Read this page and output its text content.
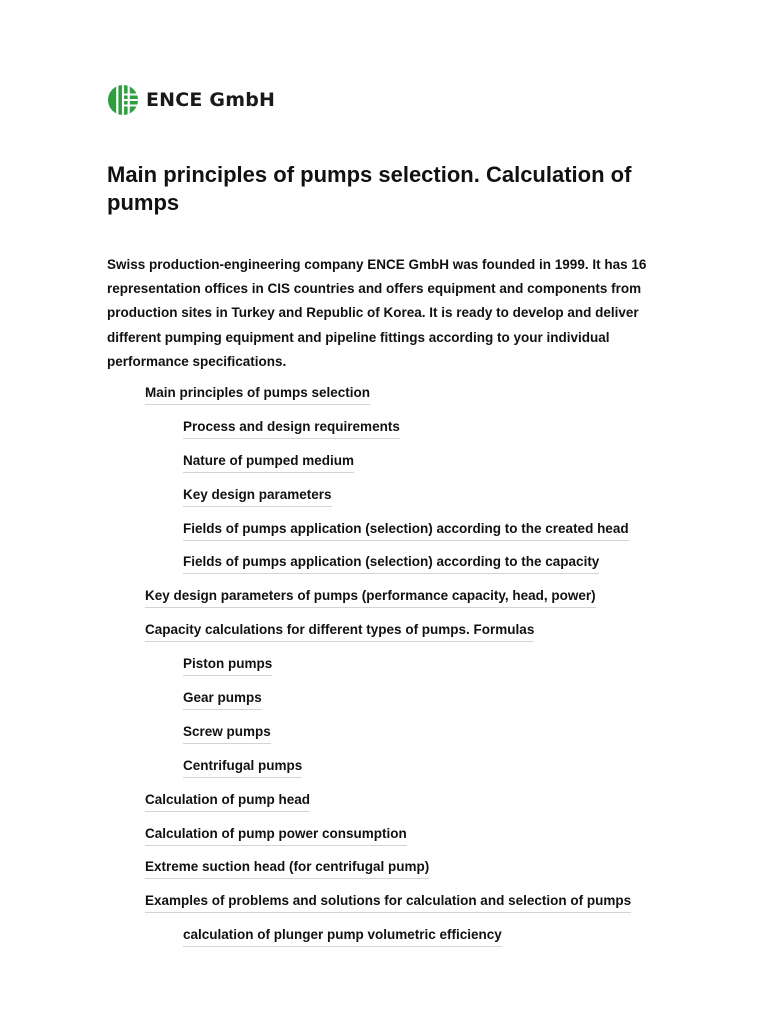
ENCE GmbH
Main principles of pumps selection. Calculation of pumps

Swiss production-engineering company ENCE GmbH was founded in 1999. It has 16 representation offices in CIS countries and offers equipment and components from production sites in Turkey and Republic of Korea. It is ready to develop and deliver different pumping equipment and pipeline fittings according to your individual performance specifications.

Main principles of pumps selection
Process and design requirements
Nature of pumped medium
Key design parameters
Fields of pumps application (selection) according to the created head
Fields of pumps application (selection) according to the capacity
Key design parameters of pumps (performance capacity, head, power)
Capacity calculations for different types of pumps. Formulas
Piston pumps
Gear pumps
Screw pumps
Centrifugal pumps
Calculation of pump head
Calculation of pump power consumption
Extreme suction head (for centrifugal pump)
Examples of problems and solutions for calculation and selection of pumps
calculation of plunger pump volumetric efficiency
